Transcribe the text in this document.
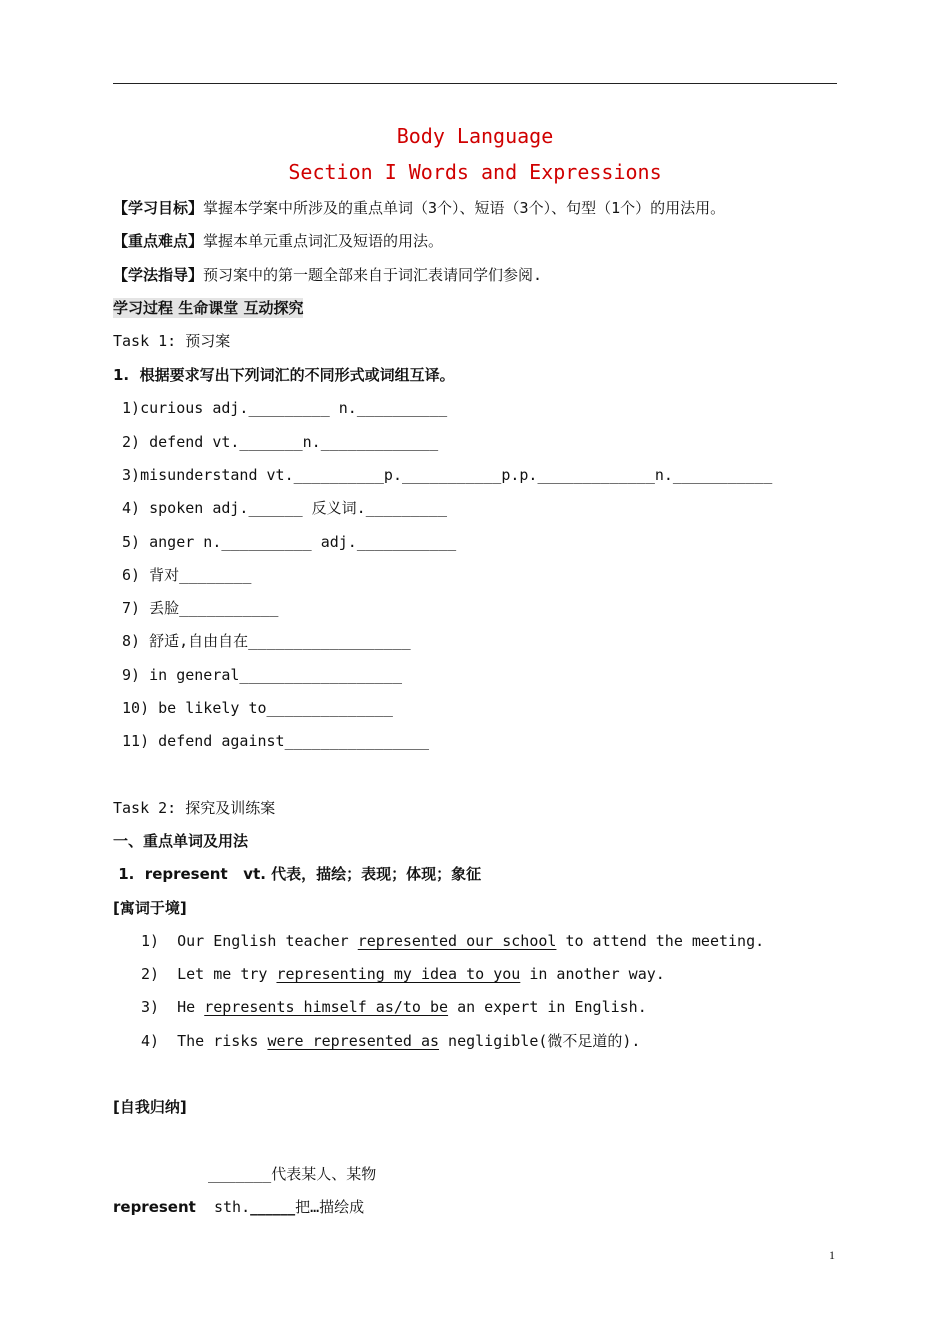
Body Language
Section I Words and Expressions
【学习目标】掌握本学案中所涉及的重点单词（3个）、短语（3个）、句型（1个）的用法用。
【重点难点】掌握本单元重点词汇及短语的用法。
【学法指导】预习案中的第一题全部来自于词汇表请同学们参阅.
学习过程 生命课堂 互动探究
Task 1: 预习案
1.  根据要求写出下列词汇的不同形式或词组互译。
1)curious adj._________ n.__________
2) defend vt._______n._____________
3)misunderstand vt.__________p.___________p.p._____________n.___________
4) spoken adj.______ 反义词._________
5) anger n.__________ adj.___________
6) 背对________
7) 丢脸___________
8) 舒适,自由自在__________________
9) in general__________________
10) be likely to______________
11) defend against________________
Task 2: 探究及训练案
一、重点单词及用法
1.  represent   vt. 代表，描绘；表现；体现；象征
[寓词于境]
1)  Our English teacher represented our school to attend the meeting.
2)  Let me try representing my idea to you in another way.
3)  He represents himself as/to be an expert in English.
4)  The risks were represented as negligible(微不足道的).
[自我归纳]
_______代表某人、某物
represent sth.______把…描绘成
1
